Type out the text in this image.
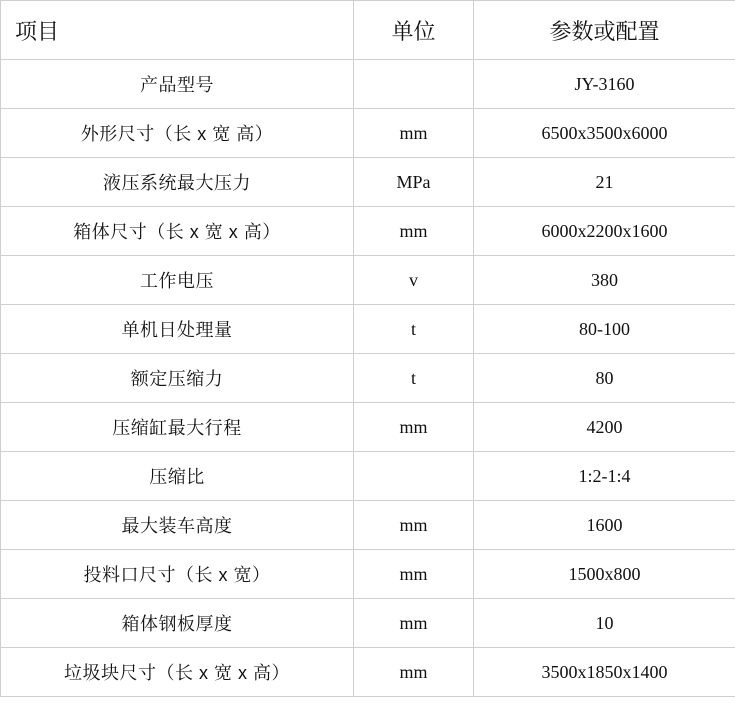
项目	单位	参数或配置
产品型号		JY-3160
外形尺寸（长 x 宽 高）	mm	6500x3500x6000
液压系统最大压力	MPa	21
箱体尺寸（长 x 宽 x 高）	mm	6000x2200x1600
工作电压	v	380
单机日处理量	t	80-100
额定压缩力	t	80
压缩缸最大行程	mm	4200
压缩比		1:2-1:4
最大装车高度	mm	1600
投料口尺寸（长 x 宽）	mm	1500x800
箱体钢板厚度	mm	10
垃圾块尺寸（长 x 宽 x 高）	mm	3500x1850x1400
